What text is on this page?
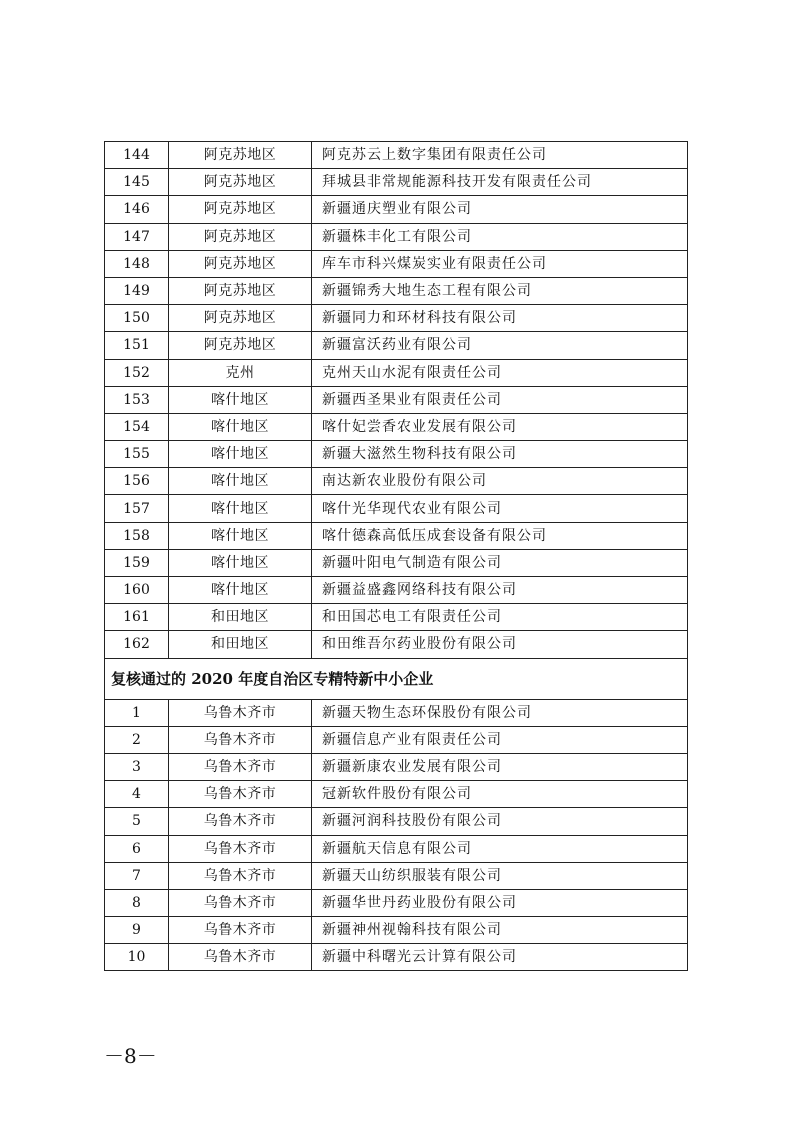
144	阿克苏地区	阿克苏云上数字集团有限责任公司
145	阿克苏地区	拜城县非常规能源科技开发有限责任公司
146	阿克苏地区	新疆通庆塑业有限公司
147	阿克苏地区	新疆株丰化工有限公司
148	阿克苏地区	库车市科兴煤炭实业有限责任公司
149	阿克苏地区	新疆锦秀大地生态工程有限公司
150	阿克苏地区	新疆同力和环材科技有限公司
151	阿克苏地区	新疆富沃药业有限公司
152	克州	克州天山水泥有限责任公司
153	喀什地区	新疆西圣果业有限责任公司
154	喀什地区	喀什妃尝香农业发展有限公司
155	喀什地区	新疆大滋然生物科技有限公司
156	喀什地区	南达新农业股份有限公司
157	喀什地区	喀什光华现代农业有限公司
158	喀什地区	喀什德森高低压成套设备有限公司
159	喀什地区	新疆叶阳电气制造有限公司
160	喀什地区	新疆益盛鑫网络科技有限公司
161	和田地区	和田国芯电工有限责任公司
162	和田地区	和田维吾尔药业股份有限公司
复核通过的 2020 年度自治区专精特新中小企业		
1	乌鲁木齐市	新疆天物生态环保股份有限公司
2	乌鲁木齐市	新疆信息产业有限责任公司
3	乌鲁木齐市	新疆新康农业发展有限公司
4	乌鲁木齐市	冠新软件股份有限公司
5	乌鲁木齐市	新疆河润科技股份有限公司
6	乌鲁木齐市	新疆航天信息有限公司
7	乌鲁木齐市	新疆天山纺织服装有限公司
8	乌鲁木齐市	新疆华世丹药业股份有限公司
9	乌鲁木齐市	新疆神州视翰科技有限公司
10	乌鲁木齐市	新疆中科曙光云计算有限公司
－8－
